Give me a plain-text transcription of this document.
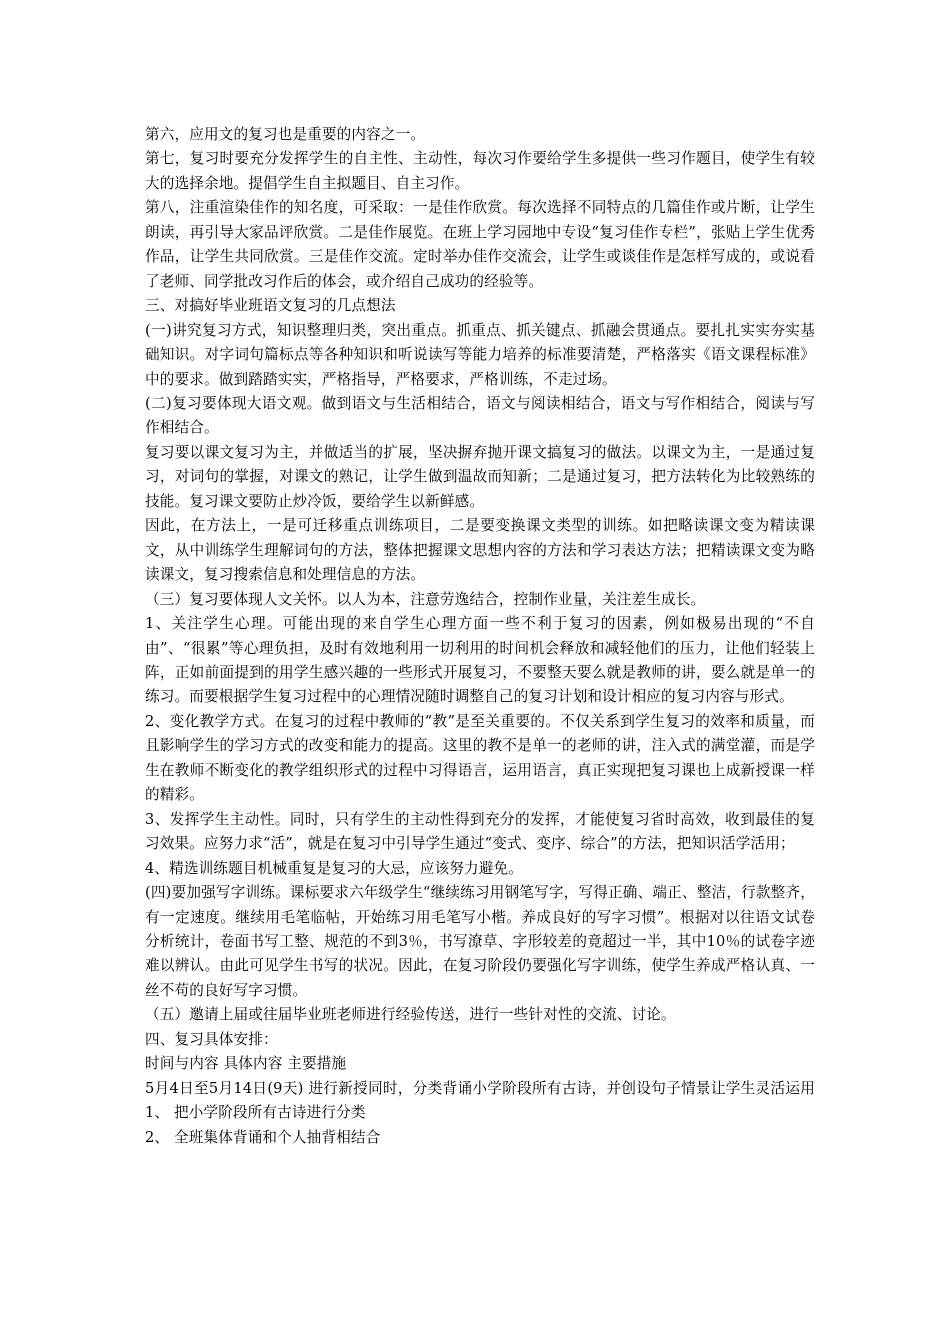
第六，应用文的复习也是重要的内容之一。

第七，复习时要充分发挥学生的自主性、主动性，每次习作要给学生多提供一些习作题目，使学生有较大的选择余地。提倡学生自主拟题目、自主习作。

第八，注重渲染佳作的知名度，可采取：一是佳作欣赏。每次选择不同特点的几篇佳作或片断，让学生朗读，再引导大家品评欣赏。二是佳作展览。在班上学习园地中专设“复习佳作专栏”，张贴上学生优秀作品，让学生共同欣赏。三是佳作交流。定时举办佳作交流会，让学生或谈佳作是怎样写成的，或说看了老师、同学批改习作后的体会，或介绍自己成功的经验等。

三、对搞好毕业班语文复习的几点想法

(一)讲究复习方式，知识整理归类，突出重点。抓重点、抓关键点、抓融会贯通点。要扎扎实实夯实基础知识。对字词句篇标点等各种知识和听说读写等能力培养的标准要清楚，严格落实《语文课程标准》中的要求。做到踏踏实实，严格指导，严格要求，严格训练，不走过场。

(二)复习要体现大语文观。做到语文与生活相结合，语文与阅读相结合，语文与写作相结合，阅读与写作相结合。

复习要以课文复习为主，并做适当的扩展，坚决摒弃抛开课文搞复习的做法。以课文为主，一是通过复习，对词句的掌握，对课文的熟记，让学生做到温故而知新；二是通过复习，把方法转化为比较熟练的技能。复习课文要防止炒冷饭，要给学生以新鲜感。

因此，在方法上，一是可迁移重点训练项目，二是要变换课文类型的训练。如把略读课文变为精读课文，从中训练学生理解词句的方法，整体把握课文思想内容的方法和学习表达方法；把精读课文变为略读课文，复习搜索信息和处理信息的方法。

（三）复习要体现人文关怀。以人为本，注意劳逸结合，控制作业量，关注差生成长。

1、关注学生心理。可能出现的来自学生心理方面一些不利于复习的因素，例如极易出现的“不自由”、“很累”等心理负担，及时有效地利用一切利用的时间机会释放和减轻他们的压力，让他们轻装上阵，正如前面提到的用学生感兴趣的一些形式开展复习，不要整天要么就是教师的讲，要么就是单一的练习。而要根据学生复习过程中的心理情况随时调整自己的复习计划和设计相应的复习内容与形式。

2、变化教学方式。在复习的过程中教师的“教”是至关重要的。不仅关系到学生复习的效率和质量，而且影响学生的学习方式的改变和能力的提高。这里的教不是单一的老师的讲，注入式的满堂灌，而是学生在教师不断变化的教学组织形式的过程中习得语言，运用语言，真正实现把复习课也上成新授课一样的精彩。

3、发挥学生主动性。同时，只有学生的主动性得到充分的发挥，才能使复习省时高效，收到最佳的复习效果。应努力求“活”，就是在复习中引导学生通过“变式、变序、综合”的方法，把知识活学活用；

4、精选训练题目机械重复是复习的大忌，应该努力避免。

(四)要加强写字训练。课标要求六年级学生“继续练习用钢笔写字，写得正确、端正、整洁，行款整齐，有一定速度。继续用毛笔临帖，开始练习用毛笔写小楷。养成良好的写字习惯”。根据对以往语文试卷分析统计，卷面书写工整、规范的不到3％，书写潦草、字形较差的竟超过一半，其中10％的试卷字迹难以辨认。由此可见学生书写的状况。因此，在复习阶段仍要强化写字训练，使学生养成严格认真、一丝不苟的良好写字习惯。

（五）邀请上届或往届毕业班老师进行经验传送，进行一些针对性的交流、讨论。

四、复习具体安排：

时间与内容 具体内容 主要措施

5月4日至5月14日(9天) 进行新授同时，分类背诵小学阶段所有古诗，并创设句子情景让学生灵活运用 1、 把小学阶段所有古诗进行分类

2、 全班集体背诵和个人抽背相结合
